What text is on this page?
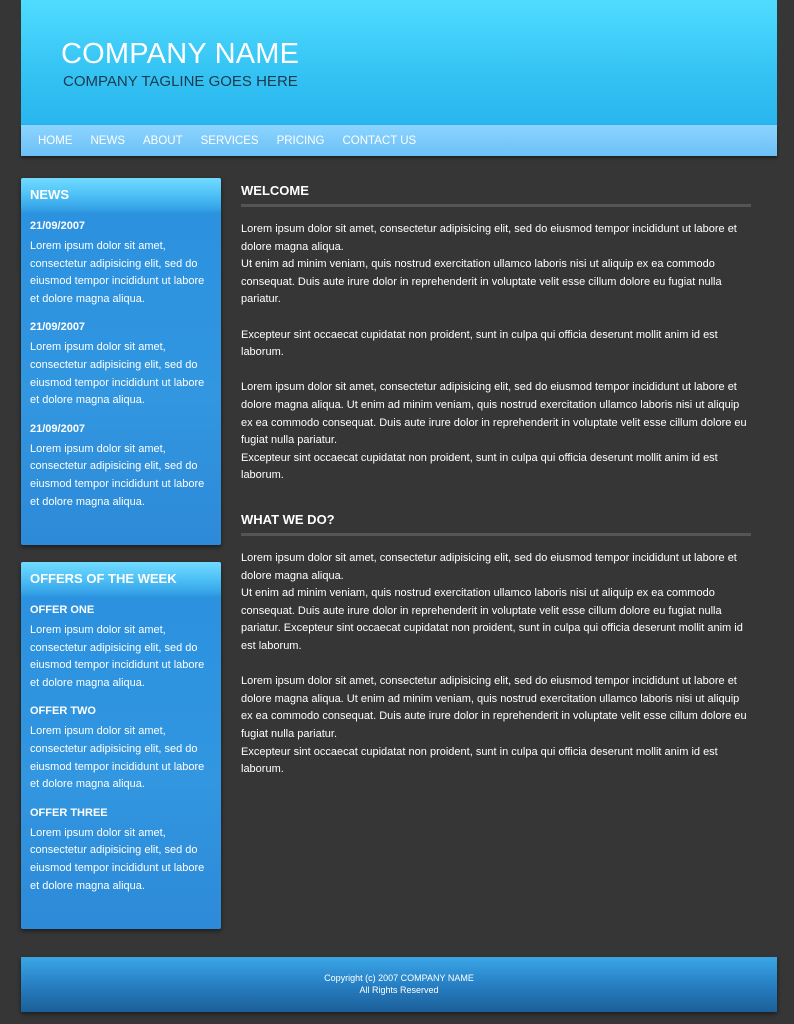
COMPANY NAME
COMPANY TAGLINE GOES HERE
HOME NEWS ABOUT SERVICES PRICING CONTACT US
NEWS
21/09/2007
Lorem ipsum dolor sit amet, consectetur adipisicing elit, sed do eiusmod tempor incididunt ut labore et dolore magna aliqua.
21/09/2007
Lorem ipsum dolor sit amet, consectetur adipisicing elit, sed do eiusmod tempor incididunt ut labore et dolore magna aliqua.
21/09/2007
Lorem ipsum dolor sit amet, consectetur adipisicing elit, sed do eiusmod tempor incididunt ut labore et dolore magna aliqua.
OFFERS OF THE WEEK
OFFER ONE
Lorem ipsum dolor sit amet, consectetur adipisicing elit, sed do eiusmod tempor incididunt ut labore et dolore magna aliqua.
OFFER TWO
Lorem ipsum dolor sit amet, consectetur adipisicing elit, sed do eiusmod tempor incididunt ut labore et dolore magna aliqua.
OFFER THREE
Lorem ipsum dolor sit amet, consectetur adipisicing elit, sed do eiusmod tempor incididunt ut labore et dolore magna aliqua.
WELCOME
Lorem ipsum dolor sit amet, consectetur adipisicing elit, sed do eiusmod tempor incididunt ut labore et dolore magna aliqua.
Ut enim ad minim veniam, quis nostrud exercitation ullamco laboris nisi ut aliquip ex ea commodo consequat. Duis aute irure dolor in reprehenderit in voluptate velit esse cillum dolore eu fugiat nulla pariatur.
Excepteur sint occaecat cupidatat non proident, sunt in culpa qui officia deserunt mollit anim id est laborum.
Lorem ipsum dolor sit amet, consectetur adipisicing elit, sed do eiusmod tempor incididunt ut labore et dolore magna aliqua. Ut enim ad minim veniam, quis nostrud exercitation ullamco laboris nisi ut aliquip ex ea commodo consequat. Duis aute irure dolor in reprehenderit in voluptate velit esse cillum dolore eu fugiat nulla pariatur.
Excepteur sint occaecat cupidatat non proident, sunt in culpa qui officia deserunt mollit anim id est laborum.
WHAT WE DO?
Lorem ipsum dolor sit amet, consectetur adipisicing elit, sed do eiusmod tempor incididunt ut labore et dolore magna aliqua.
Ut enim ad minim veniam, quis nostrud exercitation ullamco laboris nisi ut aliquip ex ea commodo consequat. Duis aute irure dolor in reprehenderit in voluptate velit esse cillum dolore eu fugiat nulla pariatur. Excepteur sint occaecat cupidatat non proident, sunt in culpa qui officia deserunt mollit anim id est laborum.
Lorem ipsum dolor sit amet, consectetur adipisicing elit, sed do eiusmod tempor incididunt ut labore et dolore magna aliqua. Ut enim ad minim veniam, quis nostrud exercitation ullamco laboris nisi ut aliquip ex ea commodo consequat. Duis aute irure dolor in reprehenderit in voluptate velit esse cillum dolore eu fugiat nulla pariatur.
Excepteur sint occaecat cupidatat non proident, sunt in culpa qui officia deserunt mollit anim id est laborum.
Copyright (c) 2007 COMPANY NAME
All Rights Reserved
